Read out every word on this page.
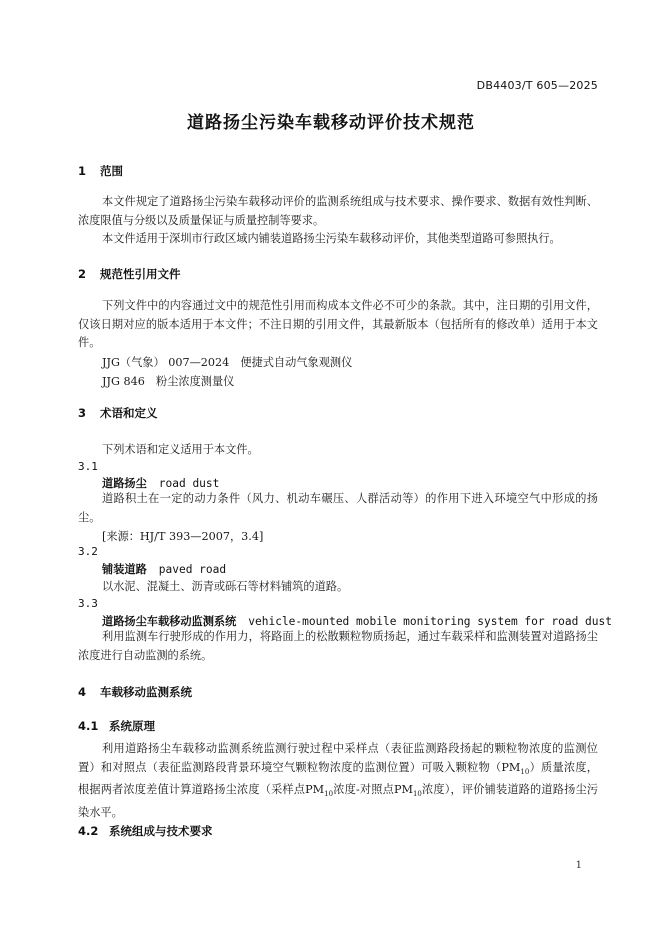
DB4403/T 605—2025
道路扬尘污染车载移动评价技术规范
1 范围
本文件规定了道路扬尘污染车载移动评价的监测系统组成与技术要求、操作要求、数据有效性判断、浓度限值与分级以及质量保证与质量控制等要求。
本文件适用于深圳市行政区域内铺装道路扬尘污染车载移动评价，其他类型道路可参照执行。
2 规范性引用文件
下列文件中的内容通过文中的规范性引用而构成本文件必不可少的条款。其中，注日期的引用文件，仅该日期对应的版本适用于本文件；不注日期的引用文件，其最新版本（包括所有的修改单）适用于本文件。
JJG（气象） 007—2024　便捷式自动气象观测仪
JJG 846　粉尘浓度测量仪
3 术语和定义
下列术语和定义适用于本文件。
3.1
道路扬尘 road dust
道路积土在一定的动力条件（风力、机动车碾压、人群活动等）的作用下进入环境空气中形成的扬尘。
[来源：HJ/T 393—2007，3.4]
3.2
铺装道路 paved road
以水泥、混凝土、沥青或砾石等材料铺筑的道路。
3.3
道路扬尘车载移动监测系统 vehicle-mounted mobile monitoring system for road dust
利用监测车行驶形成的作用力，将路面上的松散颗粒物质扬起，通过车载采样和监测装置对道路扬尘浓度进行自动监测的系统。
4 车载移动监测系统
4.1 系统原理
利用道路扬尘车载移动监测系统监测行驶过程中采样点（表征监测路段扬起的颗粒物浓度的监测位置）和对照点（表征监测路段背景环境空气颗粒物浓度的监测位置）可吸入颗粒物$(PM_{10})$质量浓度，根据两者浓度差值计算道路扬尘浓度（采样点$PM_{10}$浓度-对照点$PM_{10}$浓度），评价铺装道路的道路扬尘污染水平。
4.2 系统组成与技术要求
1
